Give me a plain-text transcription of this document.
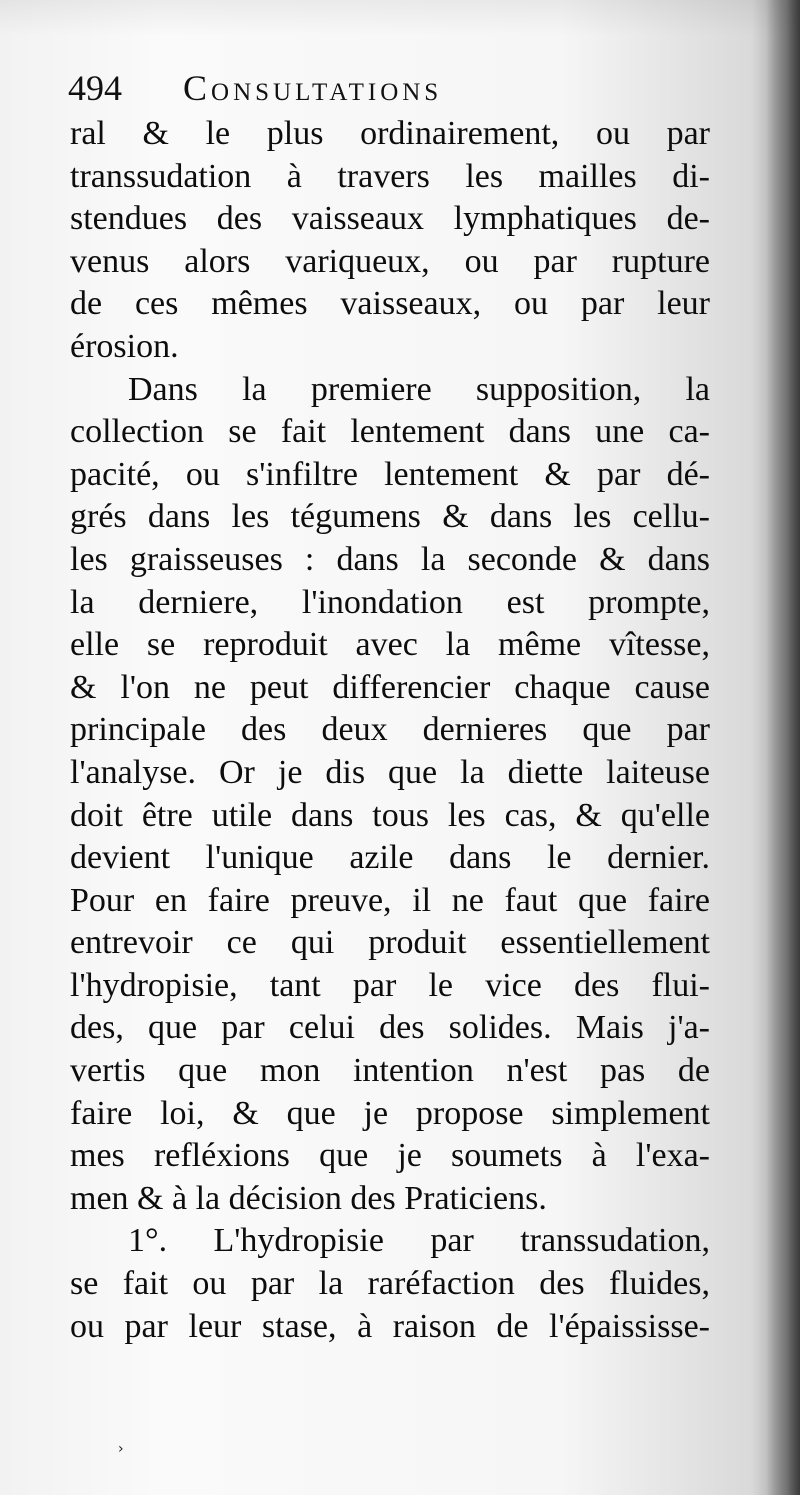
494 Consultations
ral & le plus ordinairement, ou par
transsudation à travers les mailles di-
stendues des vaisseaux lymphatiques de-
venus alors variqueux, ou par rupture
de ces mêmes vaisseaux, ou par leur
érosion.
Dans la premiere supposition, la
collection se fait lentement dans une ca-
pacité, ou s'infiltre lentement & par dé-
grés dans les tégumens & dans les cellu-
les graisseuses : dans la seconde & dans
la derniere, l'inondation est prompte,
elle se reproduit avec la même vîtesse,
& l'on ne peut differencier chaque cause
principale des deux dernieres que par
l'analyse. Or je dis que la diette laiteuse
doit être utile dans tous les cas, & qu'elle
devient l'unique azile dans le dernier.
Pour en faire preuve, il ne faut que faire
entrevoir ce qui produit essentiellement
l'hydropisie, tant par le vice des flui-
des, que par celui des solides. Mais j'a-
vertis que mon intention n'est pas de
faire loi, & que je propose simplement
mes refléxions que je soumets à l'exa-
men & à la décision des Praticiens.
1°. L'hydropisie par transsudation,
se fait ou par la raréfaction des fluides,
ou par leur stase, à raison de l'épaississe-
›
